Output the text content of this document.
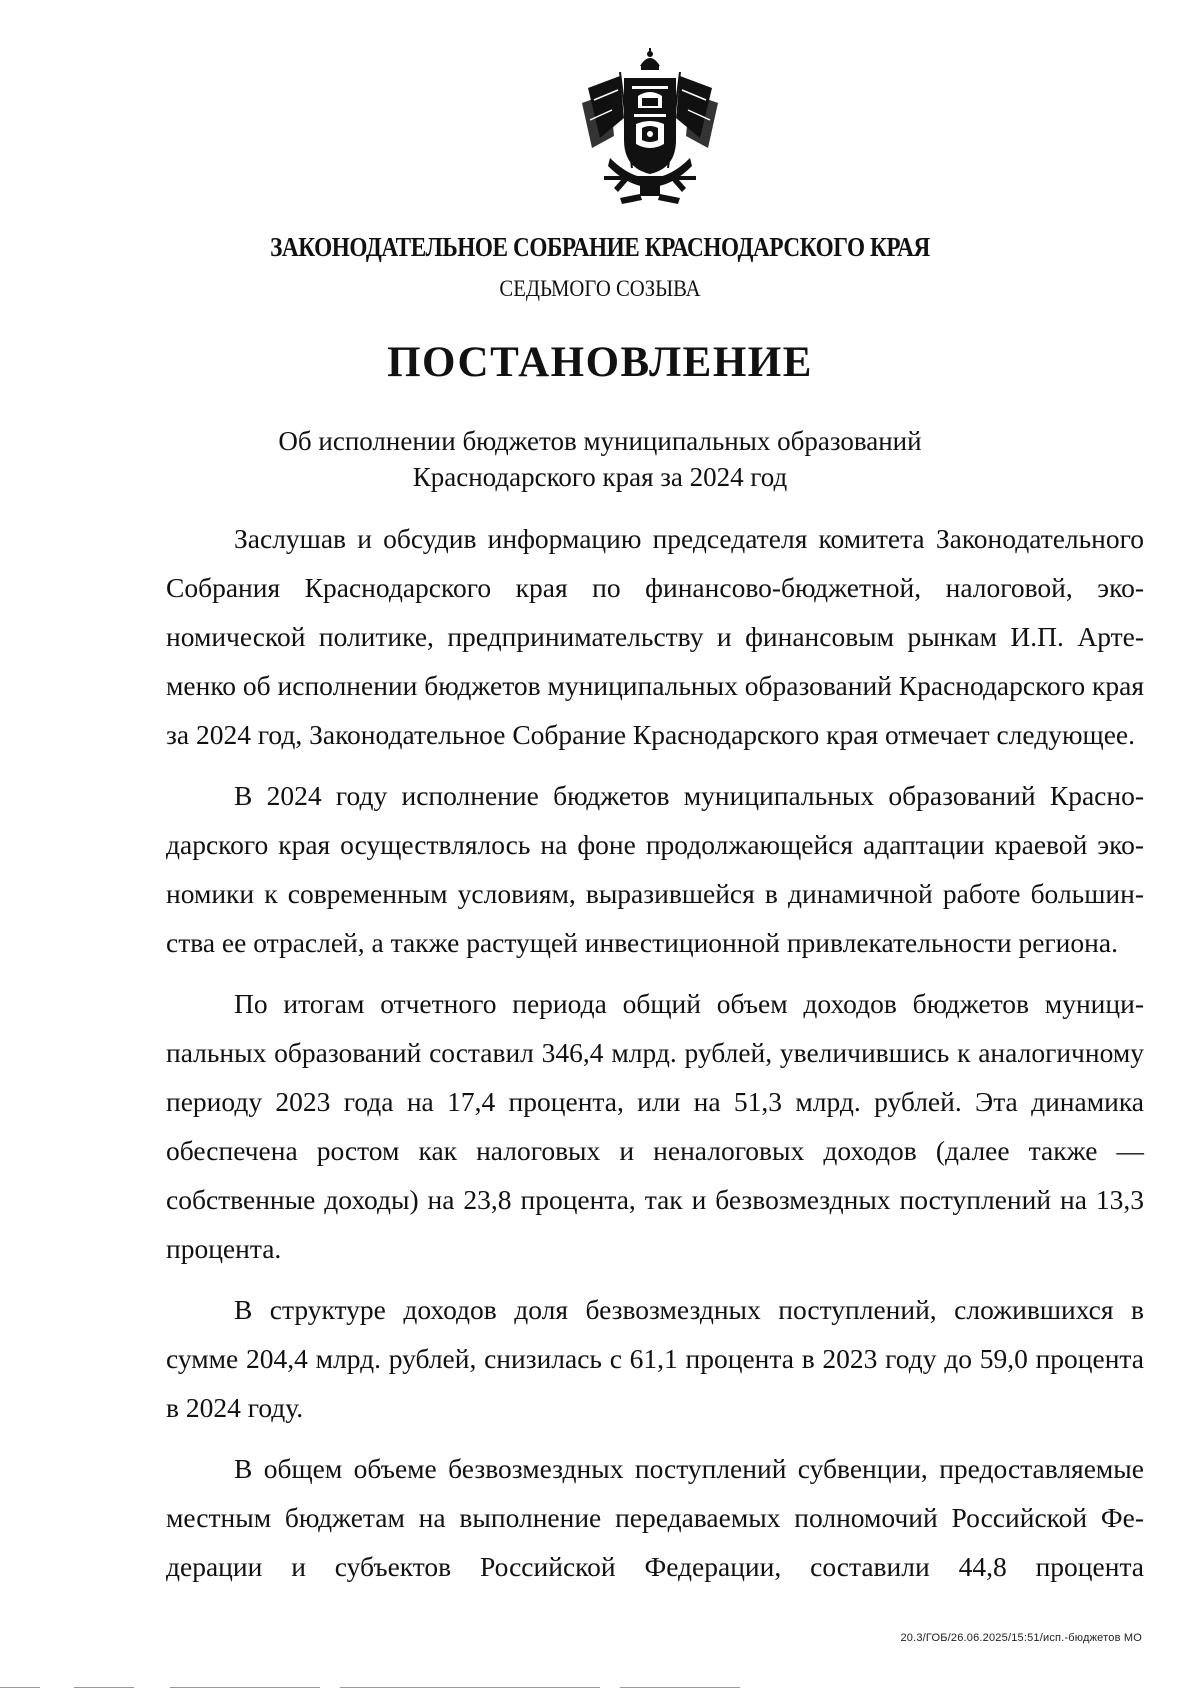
ЗАКОНОДАТЕЛЬНОЕ СОБРАНИЕ КРАСНОДАРСКОГО КРАЯ
СЕДЬМОГО СОЗЫВА
ПОСТАНОВЛЕНИЕ
Об исполнении бюджетов муниципальных образований
Краснодарского края за 2024 год

Заслушав и обсудив информацию председателя комитета Законодательного Собрания Краснодарского края по финансово-бюджетной, налоговой, экономической политике, предпринимательству и финансовым рынкам И.П. Артеменко об исполнении бюджетов муниципальных образований Краснодарского края за 2024 год, Законодательное Собрание Краснодарского края отмечает следующее.

В 2024 году исполнение бюджетов муниципальных образований Краснодарского края осуществлялось на фоне продолжающейся адаптации краевой экономики к современным условиям, выразившейся в динамичной работе большинства ее отраслей, а также растущей инвестиционной привлекательности региона.

По итогам отчетного периода общий объем доходов бюджетов муниципальных образований составил 346,4 млрд. рублей, увеличившись к аналогичному периоду 2023 года на 17,4 процента, или на 51,3 млрд. рублей. Эта динамика обеспечена ростом как налоговых и неналоговых доходов (далее также — собственные доходы) на 23,8 процента, так и безвозмездных поступлений на 13,3 процента.

В структуре доходов доля безвозмездных поступлений, сложившихся в сумме 204,4 млрд. рублей, снизилась с 61,1 процента в 2023 году до 59,0 процента в 2024 году.

В общем объеме безвозмездных поступлений субвенции, предоставляемые местным бюджетам на выполнение передаваемых полномочий Российской Федерации и субъектов Российской Федерации, составили 44,8 процента

20.3/ГОБ/26.06.2025/15:51/исп.-бюджетов МО
